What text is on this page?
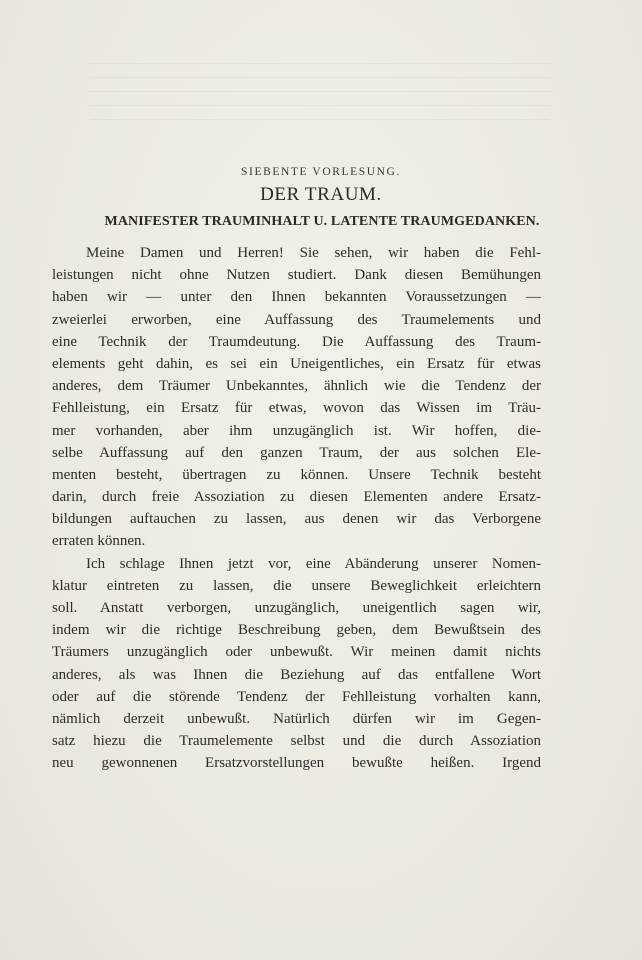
SIEBENTE VORLESUNG.
DER TRAUM.
MANIFESTER TRAUMINHALT U. LATENTE TRAUMGEDANKEN.
Meine Damen und Herren! Sie sehen, wir haben die Fehl-
leistungen nicht ohne Nutzen studiert. Dank diesen Bemühungen
haben wir — unter den Ihnen bekannten Voraussetzungen —
zweierlei erworben, eine Auffassung des Traumelements und
eine Technik der Traumdeutung. Die Auffassung des Traum-
elements geht dahin, es sei ein Uneigentliches, ein Ersatz für etwas
anderes, dem Träumer Unbekanntes, ähnlich wie die Tendenz der
Fehlleistung, ein Ersatz für etwas, wovon das Wissen im Träu-
mer vorhanden, aber ihm unzugänglich ist. Wir hoffen, die-
selbe Auffassung auf den ganzen Traum, der aus solchen Ele-
menten besteht, übertragen zu können. Unsere Technik besteht
darin, durch freie Assoziation zu diesen Elementen andere Ersatz-
bildungen auftauchen zu lassen, aus denen wir das Verborgene
erraten können.
Ich schlage Ihnen jetzt vor, eine Abänderung unserer Nomen-
klatur eintreten zu lassen, die unsere Beweglichkeit erleichtern
soll. Anstatt verborgen, unzugänglich, uneigentlich sagen wir,
indem wir die richtige Beschreibung geben, dem Bewußtsein des
Träumers unzugänglich oder unbewußt. Wir meinen damit nichts
anderes, als was Ihnen die Beziehung auf das entfallene Wort
oder auf die störende Tendenz der Fehlleistung vorhalten kann,
nämlich derzeit unbewußt. Natürlich dürfen wir im Gegen-
satz hiezu die Traumelemente selbst und die durch Assoziation
neu gewonnenen Ersatzvorstellungen bewußte heißen. Irgend
